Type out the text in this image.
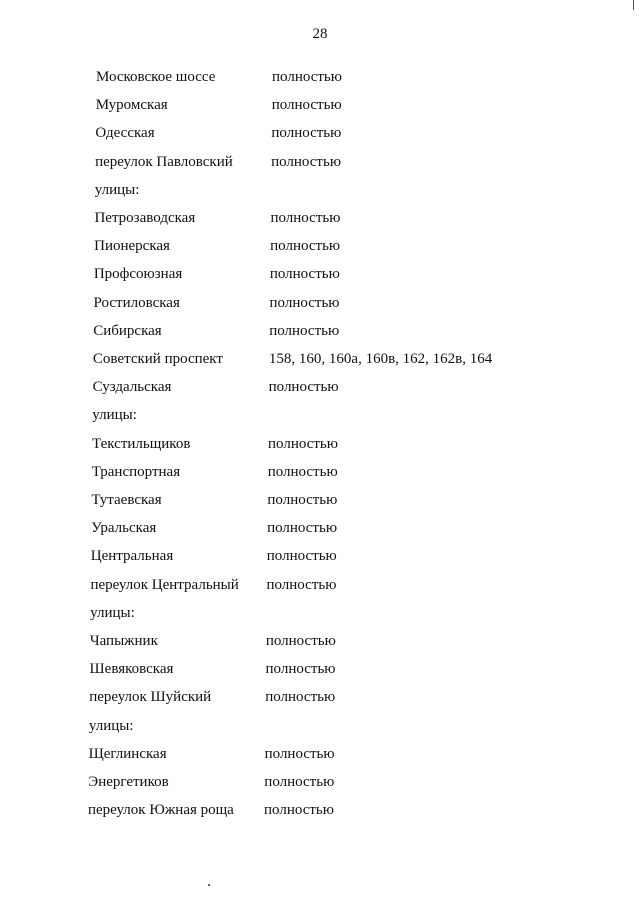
28
Московское шоссе	полностью
Муромская	полностью
Одесская	полностью
переулок Павловский	полностью
улицы:
Петрозаводская	полностью
Пионерская	полностью
Профсоюзная	полностью
Ростиловская	полностью
Сибирская	полностью
Советский проспект	158, 160, 160а, 160в, 162, 162в, 164
Суздальская	полностью
улицы:
Текстильщиков	полностью
Транспортная	полностью
Тутаевская	полностью
Уральская	полностью
Центральная	полностью
переулок Центральный полностью
улицы:
Чапыжник	полностью
Шевяковская	полностью
переулок Шуйский	полностью
улицы:
Щеглинская	полностью
Энергетиков	полностью
переулок Южная роща полностью
